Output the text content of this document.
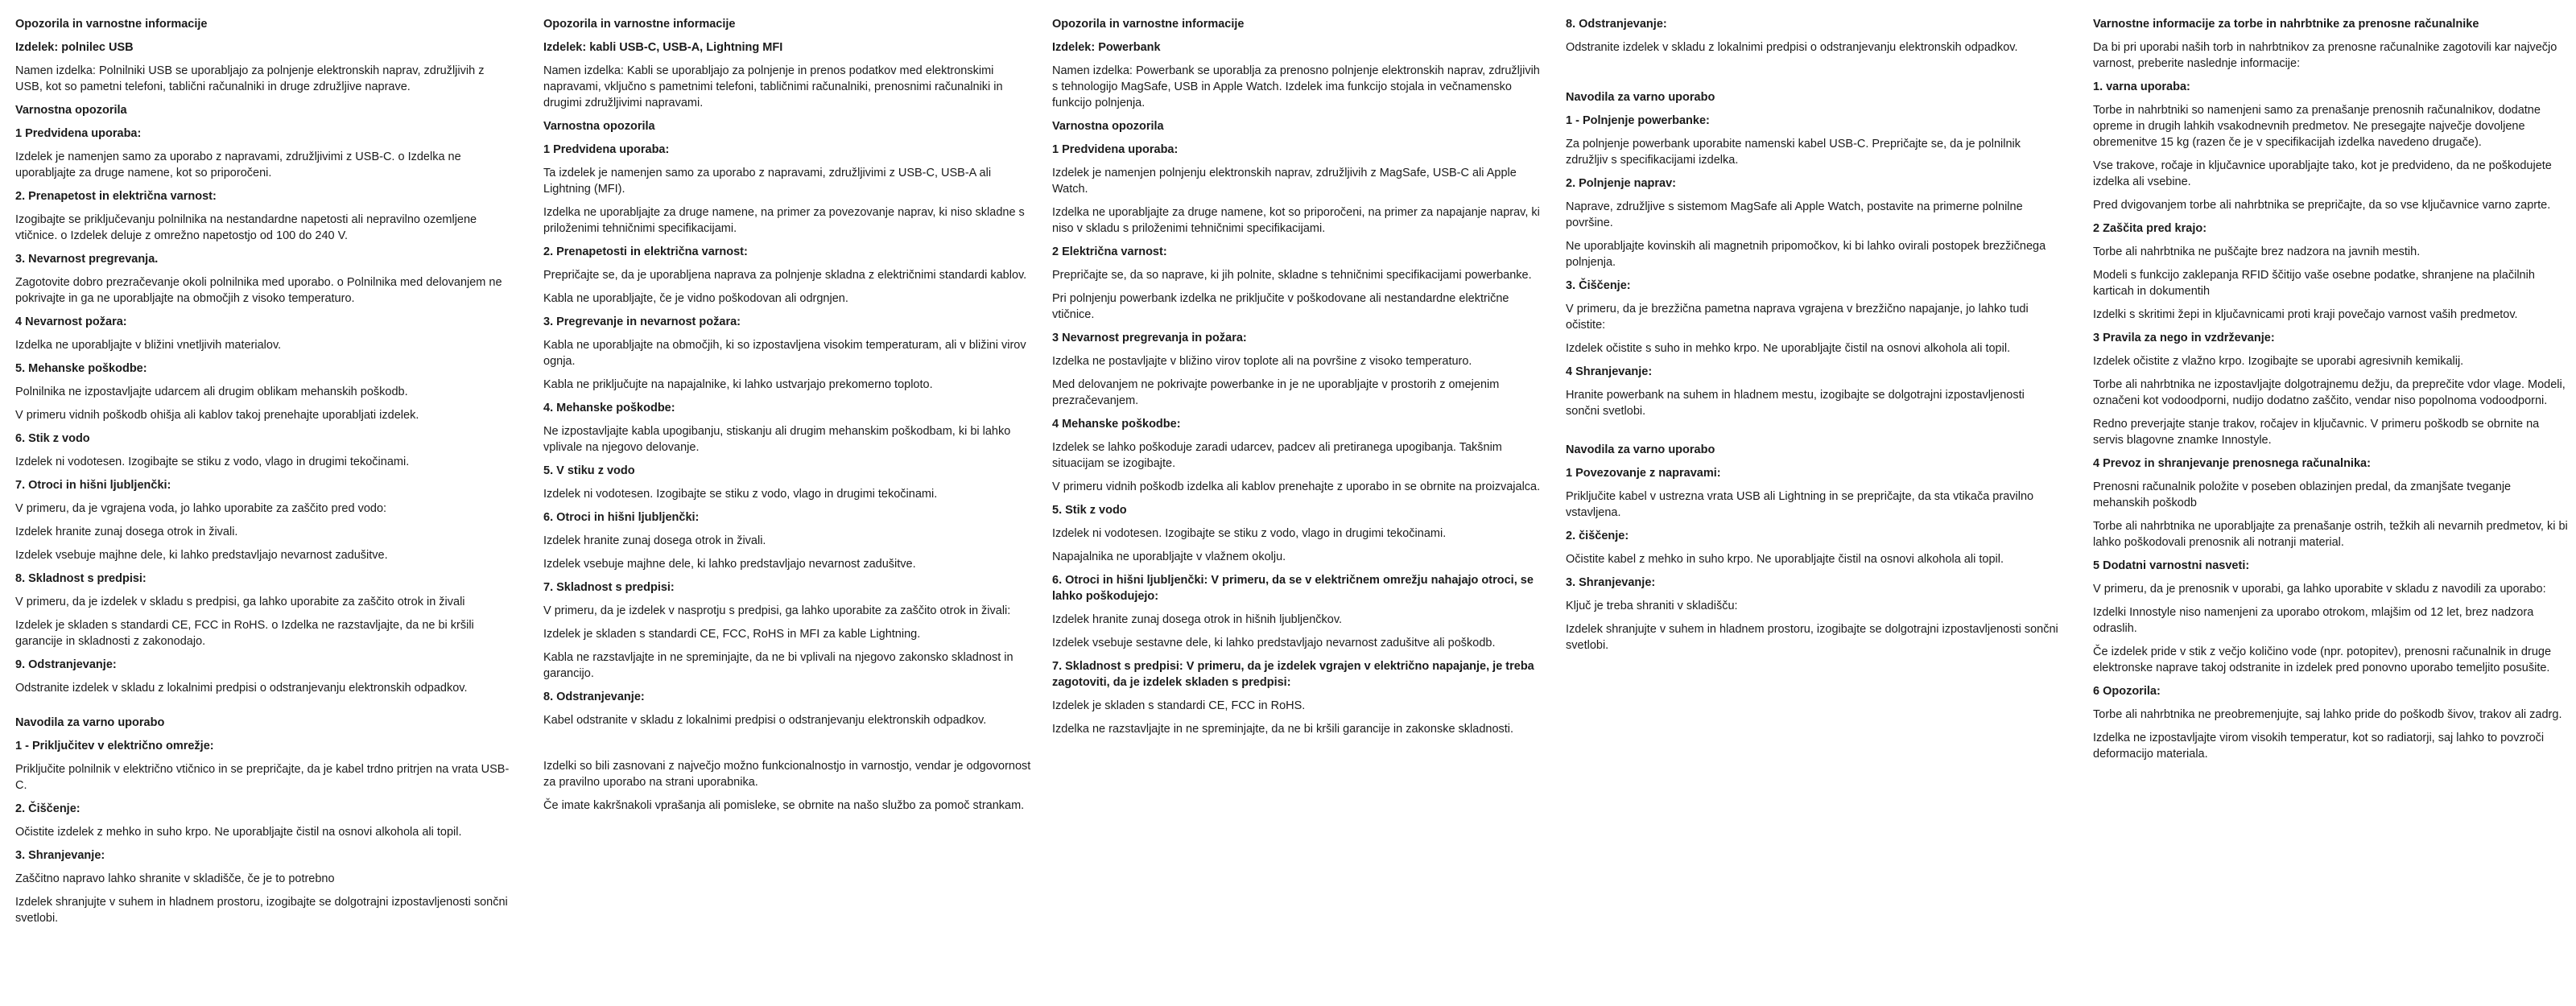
Opozorila in varnostne informacije
Izdelek: polnilec USB
Namen izdelka: Polnilniki USB se uporabljajo za polnjenje elektronskih naprav, združljivih z USB, kot so pametni telefoni, tablični računalniki in druge združljive naprave.
Varnostna opozorila
1 Predvidena uporaba:
Izdelek je namenjen samo za uporabo z napravami, združljivimi z USB-C. o Izdelka ne uporabljajte za druge namene, kot so priporočeni.
2. Prenapetost in električna varnost:
Izogibajte se priključevanju polnilnika na nestandardne napetosti ali nepravilno ozemljene vtičnice. o Izdelek deluje z omrežno napetostjo od 100 do 240 V.
3. Nevarnost pregrevanja.
Zagotovite dobro prezračevanje okoli polnilnika med uporabo. o Polnilnika med delovanjem ne pokrivajte in ga ne uporabljajte na območjih z visoko temperaturo.
4 Nevarnost požara:
Izdelka ne uporabljajte v bližini vnetljivih materialov.
5. Mehanske poškodbe:
Polnilnika ne izpostavljajte udarcem ali drugim oblikam mehanskih poškodb.
V primeru vidnih poškodb ohišja ali kablov takoj prenehajte uporabljati izdelek.
6. Stik z vodo
Izdelek ni vodotesen. Izogibajte se stiku z vodo, vlago in drugimi tekočinami.
7. Otroci in hišni ljubljenčki:
V primeru, da je vgrajena voda, jo lahko uporabite za zaščito pred vodo:
Izdelek hranite zunaj dosega otrok in živali.
Izdelek vsebuje majhne dele, ki lahko predstavljajo nevarnost zadušitve.
8. Skladnost s predpisi:
V primeru, da je izdelek v skladu s predpisi, ga lahko uporabite za zaščito otrok in živali
Izdelek je skladen s standardi CE, FCC in RoHS. o Izdelka ne razstavljajte, da ne bi kršili garancije in skladnosti z zakonodajo.
9. Odstranjevanje:
Odstranite izdelek v skladu z lokalnimi predpisi o odstranjevanju elektronskih odpadkov.
Navodila za varno uporabo
1 - Priključitev v električno omrežje:
Priključite polnilnik v električno vtičnico in se prepričajte, da je kabel trdno pritrjen na vrata USB-C.
2. Čiščenje:
Očistite izdelek z mehko in suho krpo. Ne uporabljajte čistil na osnovi alkohola ali topil.
3. Shranjevanje:
Zaščitno napravo lahko shranite v skladišče, če je to potrebno
Izdelek shranjujte v suhem in hladnem prostoru, izogibajte se dolgotrajni izpostavljenosti sončni svetlobi.
Opozorila in varnostne informacije
Izdelek: kabli USB-C, USB-A, Lightning MFI
Namen izdelka: Kabli se uporabljajo za polnjenje in prenos podatkov med elektronskimi napravami, vključno s pametnimi telefoni, tabličnimi računalniki, prenosnimi računalniki in drugimi združljivimi napravami.
Varnostna opozorila
1 Predvidena uporaba:
Ta izdelek je namenjen samo za uporabo z napravami, združljivimi z USB-C, USB-A ali Lightning (MFI).
Izdelka ne uporabljajte za druge namene, na primer za povezovanje naprav, ki niso skladne s priloženimi tehničnimi specifikacijami.
2. Prenapetosti in električna varnost:
Prepričajte se, da je uporabljena naprava za polnjenje skladna z električnimi standardi kablov.
Kabla ne uporabljajte, če je vidno poškodovan ali odrgnjen.
3. Pregrevanje in nevarnost požara:
Kabla ne uporabljajte na območjih, ki so izpostavljena visokim temperaturam, ali v bližini virov ognja.
Kabla ne priključujte na napajalnike, ki lahko ustvarjajo prekomerno toploto.
4. Mehanske poškodbe:
Ne izpostavljajte kabla upogibanju, stiskanju ali drugim mehanskim poškodbam, ki bi lahko vplivale na njegovo delovanje.
5. V stiku z vodo
Izdelek ni vodotesen. Izogibajte se stiku z vodo, vlago in drugimi tekočinami.
6. Otroci in hišni ljubljenčki:
Izdelek hranite zunaj dosega otrok in živali.
Izdelek vsebuje majhne dele, ki lahko predstavljajo nevarnost zadušitve.
7. Skladnost s predpisi:
V primeru, da je izdelek v nasprotju s predpisi, ga lahko uporabite za zaščito otrok in živali:
Izdelek je skladen s standardi CE, FCC, RoHS in MFI za kable Lightning.
Kabla ne razstavljajte in ne spreminjajte, da ne bi vplivali na njegovo zakonsko skladnost in garancijo.
8. Odstranjevanje:
Kabel odstranite v skladu z lokalnimi predpisi o odstranjevanju elektronskih odpadkov.
Izdelki so bili zasnovani z največjo možno funkcionalnostjo in varnostjo, vendar je odgovornost za pravilno uporabo na strani uporabnika.
Če imate kakršnakoli vprašanja ali pomisleke, se obrnite na našo službo za pomoč strankam.
Opozorila in varnostne informacije
Izdelek: Powerbank
Namen izdelka: Powerbank se uporablja za prenosno polnjenje elektronskih naprav, združljivih s tehnologijo MagSafe, USB in Apple Watch. Izdelek ima funkcijo stojala in večnamensko funkcijo polnjenja.
Varnostna opozorila
1 Predvidena uporaba:
Izdelek je namenjen polnjenju elektronskih naprav, združljivih z MagSafe, USB-C ali Apple Watch.
Izdelka ne uporabljajte za druge namene, kot so priporočeni, na primer za napajanje naprav, ki niso v skladu s priloženimi tehničnimi specifikacijami.
2 Električna varnost:
Prepričajte se, da so naprave, ki jih polnite, skladne s tehničnimi specifikacijami powerbanke.
Pri polnjenju powerbank izdelka ne priključite v poškodovane ali nestandardne električne vtičnice.
3 Nevarnost pregrevanja in požara:
Izdelka ne postavljajte v bližino virov toplote ali na površine z visoko temperaturo.
Med delovanjem ne pokrivajte powerbanke in je ne uporabljajte v prostorih z omejenim prezračevanjem.
4 Mehanske poškodbe:
Izdelek se lahko poškoduje zaradi udarcev, padcev ali pretiranega upogibanja. Takšnim situacijam se izogibajte.
V primeru vidnih poškodb izdelka ali kablov prenehajte z uporabo in se obrnite na proizvajalca.
5. Stik z vodo
Izdelek ni vodotesen. Izogibajte se stiku z vodo, vlago in drugimi tekočinami.
Napajalnika ne uporabljajte v vlažnem okolju.
6. Otroci in hišni ljubljenčki: V primeru, da se v električnem omrežju nahajajo otroci, se lahko poškodujejo:
Izdelek hranite zunaj dosega otrok in hišnih ljubljenčkov.
Izdelek vsebuje sestavne dele, ki lahko predstavljajo nevarnost zadušitve ali poškodb.
7. Skladnost s predpisi: V primeru, da je izdelek vgrajen v električno napajanje, je treba zagotoviti, da je izdelek skladen s predpisi:
Izdelek je skladen s standardi CE, FCC in RoHS.
Izdelka ne razstavljajte in ne spreminjajte, da ne bi kršili garancije in zakonske skladnosti.
8. Odstranjevanje:
Odstranite izdelek v skladu z lokalnimi predpisi o odstranjevanju elektronskih odpadkov.
Navodila za varno uporabo
1 - Polnjenje powerbanke:
Za polnjenje powerbank uporabite namenski kabel USB-C. Prepričajte se, da je polnilnik združljiv s specifikacijami izdelka.
2. Polnjenje naprav:
Naprave, združljive s sistemom MagSafe ali Apple Watch, postavite na primerne polnilne površine.
Ne uporabljajte kovinskih ali magnetnih pripomočkov, ki bi lahko ovirali postopek brezžičnega polnjenja.
3. Čiščenje:
V primeru, da je brezžična pametna naprava vgrajena v brezžično napajanje, jo lahko tudi očistite:
Izdelek očistite s suho in mehko krpo. Ne uporabljajte čistil na osnovi alkohola ali topil.
4 Shranjevanje:
Hranite powerbank na suhem in hladnem mestu, izogibajte se dolgotrajni izpostavljenosti sončni svetlobi.
Navodila za varno uporabo
1 Povezovanje z napravami:
Priključite kabel v ustrezna vrata USB ali Lightning in se prepričajte, da sta vtikača pravilno vstavljena.
2. čiščenje:
Očistite kabel z mehko in suho krpo. Ne uporabljajte čistil na osnovi alkohola ali topil.
3. Shranjevanje:
Ključ je treba shraniti v skladišču:
Izdelek shranjujte v suhem in hladnem prostoru, izogibajte se dolgotrajni izpostavljenosti sončni svetlobi.
Varnostne informacije za torbe in nahrbtnike za prenosne računalnike
Da bi pri uporabi naših torb in nahrbtnikov za prenosne računalnike zagotovili kar največjo varnost, preberite naslednje informacije:
1. varna uporaba:
Torbe in nahrbtniki so namenjeni samo za prenašanje prenosnih računalnikov, dodatne opreme in drugih lahkih vsakodnevnih predmetov. Ne presegajte največje dovoljene obremenitve 15 kg (razen če je v specifikacijah izdelka navedeno drugače).
Vse trakove, ročaje in ključavnice uporabljajte tako, kot je predvideno, da ne poškodujete izdelka ali vsebine.
Pred dvigovanjem torbe ali nahrbtnika se prepričajte, da so vse ključavnice varno zaprte.
2 Zaščita pred krajo:
Torbe ali nahrbtnika ne puščajte brez nadzora na javnih mestih.
Modeli s funkcijo zaklepanja RFID ščitijo vaše osebne podatke, shranjene na plačilnih karticah in dokumentih
Izdelki s skritimi žepi in ključavnicami proti kraji povečajo varnost vaših predmetov.
3 Pravila za nego in vzdrževanje:
Izdelek očistite z vlažno krpo. Izogibajte se uporabi agresivnih kemikalij.
Torbe ali nahrbtnika ne izpostavljajte dolgotrajnemu dežju, da preprečite vdor vlage. Modeli, označeni kot vodoodporni, nudijo dodatno zaščito, vendar niso popolnoma vodoodporni.
Redno preverjajte stanje trakov, ročajev in ključavnic. V primeru poškodb se obrnite na servis blagovne znamke Innostyle.
4 Prevoz in shranjevanje prenosnega računalnika:
Prenosni računalnik položite v poseben oblazinjen predal, da zmanjšate tveganje mehanskih poškodb
Torbe ali nahrbtnika ne uporabljajte za prenašanje ostrih, težkih ali nevarnih predmetov, ki bi lahko poškodovali prenosnik ali notranji material.
5 Dodatni varnostni nasveti:
V primeru, da je prenosnik v uporabi, ga lahko uporabite v skladu z navodili za uporabo:
Izdelki Innostyle niso namenjeni za uporabo otrokom, mlajšim od 12 let, brez nadzora odraslih.
Če izdelek pride v stik z večjo količino vode (npr. potopitev), prenosni računalnik in druge elektronske naprave takoj odstranite in izdelek pred ponovno uporabo temeljito posušite.
6 Opozorila:
Torbe ali nahrbtnika ne preobremenjujte, saj lahko pride do poškodb šivov, trakov ali zadrg.
Izdelka ne izpostavljajte virom visokih temperatur, kot so radiatorji, saj lahko to povzroči deformacijo materiala.
